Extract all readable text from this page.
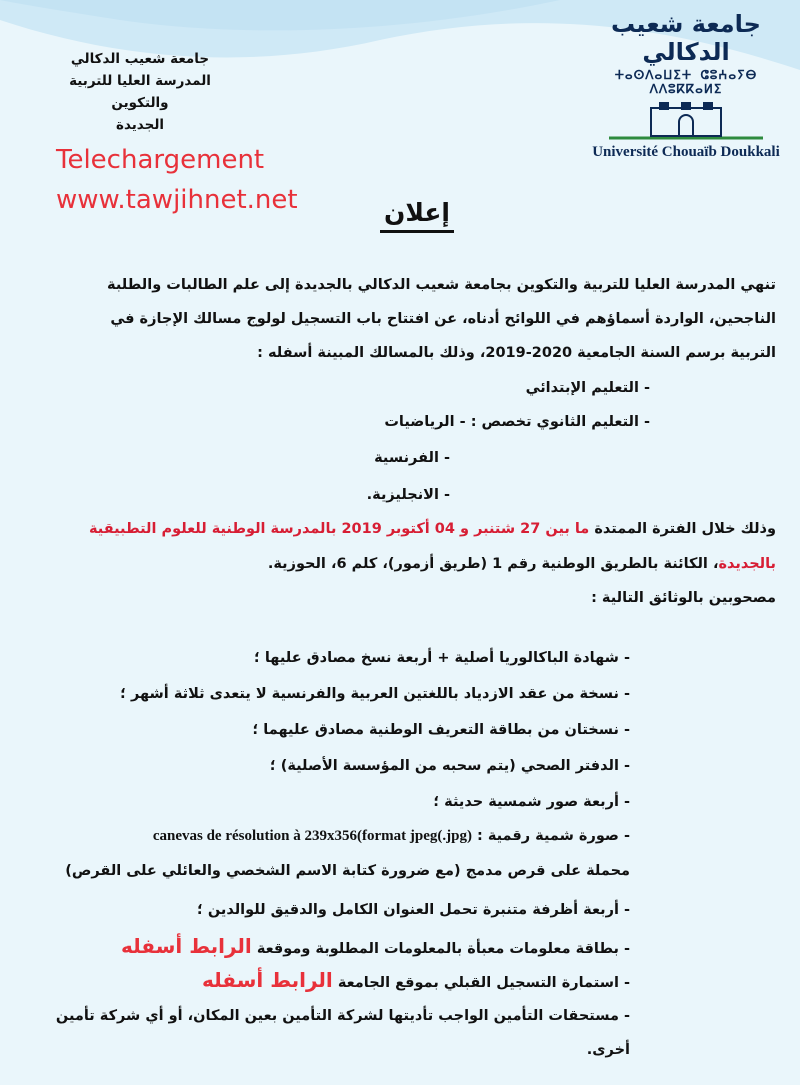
جامعة شعيب الدكالي
ⵜⴰⵙⴷⴰⵡⵉⵜ ⵛⵓⵄⴰⵢⴱ ⴷⴷⵓⴽⴽⴰⵍⵉ
Université Chouaïb Doukkali
جامعة شعيب الدكالي
المدرسة العليا للتربية والتكوين
الجديدة
Telechargement
www.tawjihnet.net	إعلان
تنهي المدرسة العليا للتربية والتكوين بجامعة شعيب الدكالي بالجديدة إلى علم الطالبات والطلبة
الناجحين، الواردة أسماؤهم في اللوائح أدناه، عن افتتاح باب التسجيل لولوج مسالك الإجازة في
التربية برسم السنة الجامعية 2020-2019، وذلك بالمسالك المبينة أسفله :
- التعليم الإبتدائي
- التعليم الثانوي تخصص : - الرياضيات
- الفرنسية
- الانجليزية.
وذلك خلال الفترة الممتدة ما بين 27 شتنبر و 04 أكتوبر 2019 بالمدرسة الوطنية للعلوم التطبيقية
بالجديدة، الكائنة بالطريق الوطنية رقم 1 (طريق أزمور)، كلم 6، الحوزية.
مصحوبين بالوثائق التالية :
- شهادة الباكالوريا أصلية + أربعة نسخ مصادق عليها ؛
- نسخة من عقد الازدياد باللغتين العربية والفرنسية لا يتعدى ثلاثة أشهر ؛
- نسختان من بطاقة التعريف الوطنية مصادق عليهما ؛
- الدفتر الصحي (يتم سحبه من المؤسسة الأصلية) ؛
- أربعة صور شمسية حديثة ؛
- صورة شمية رقمية : canevas de résolution à 239x356(format jpeg(.jpg)
محملة على قرص مدمج (مع ضرورة كتابة الاسم الشخصي والعائلي على القرص)
- أربعة أظرفة متنبرة تحمل العنوان الكامل والدقيق للوالدين ؛
- بطاقة معلومات معبأة بالمعلومات المطلوبة وموقعة الرابط أسفله
- استمارة التسجيل القبلي بموقع الجامعة الرابط أسفله
- مستحقات التأمين الواجب تأديتها لشركة التأمين بعين المكان، أو أي شركة تأمين
أخرى.
